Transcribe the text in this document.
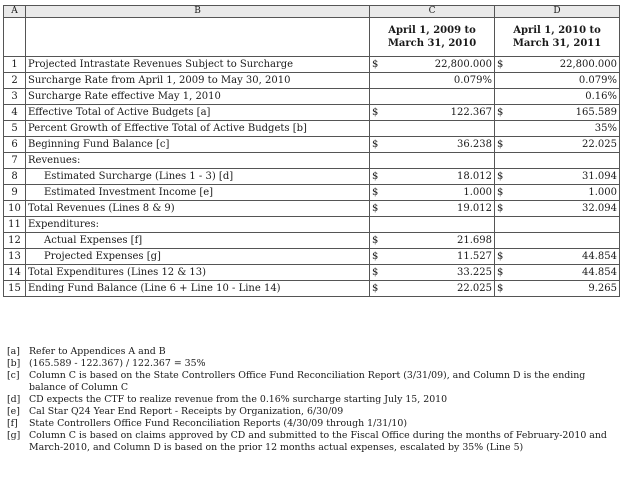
A	B	C		D	
		April 1, 2009 to
March 31, 2010		April 1, 2010 to
March 31, 2011	
1	Projected Intrastate Revenues Subject to Surcharge	$	22,800.000	$	22,800.000
2	Surcharge Rate from April 1, 2009 to May 30, 2010		0.079%		0.079%
3	Surcharge Rate effective May 1, 2010				0.16%
4	Effective Total of Active Budgets [a]	$	122.367	$	165.589
5	Percent Growth of Effective Total of Active Budgets [b]				35%
6	Beginning Fund Balance [c]	$	36.238	$	22.025
7	Revenues:				
8	Estimated Surcharge (Lines 1 - 3) [d]	$	18.012	$	31.094
9	Estimated Investment Income [e]	$	1.000	$	1.000
10	Total Revenues (Lines 8 & 9)	$	19.012	$	32.094
11	Expenditures:				
12	Actual Expenses [f]	$	21.698		
13	Projected Expenses [g]	$	11.527	$	44.854
14	Total Expenditures (Lines 12 & 13)	$	33.225	$	44.854
15	Ending Fund Balance (Line 6 + Line 10 - Line 14)	$	22.025	$	9.265
[a] Refer to Appendices A and B
[b] (165.589 - 122.367) / 122.367 = 35%
[c]	Column C is based on the State Controllers Office Fund Reconciliation Report (3/31/09), and Column D is the ending balance of Column C
[d] CD expects the CTF to realize revenue from the 0.16% surcharge starting July 15, 2010
[e] Cal Star Q24 Year End Report - Receipts by Organization, 6/30/09
[f]	State Controllers Office Fund Reconciliation Reports (4/30/09 through 1/31/10)
[g] Column C is based on claims approved by CD and submitted to the Fiscal Office during the months of February-2010 and March-2010, and Column D is based on the prior 12 months actual expenses, escalated by 35% (Line 5)
